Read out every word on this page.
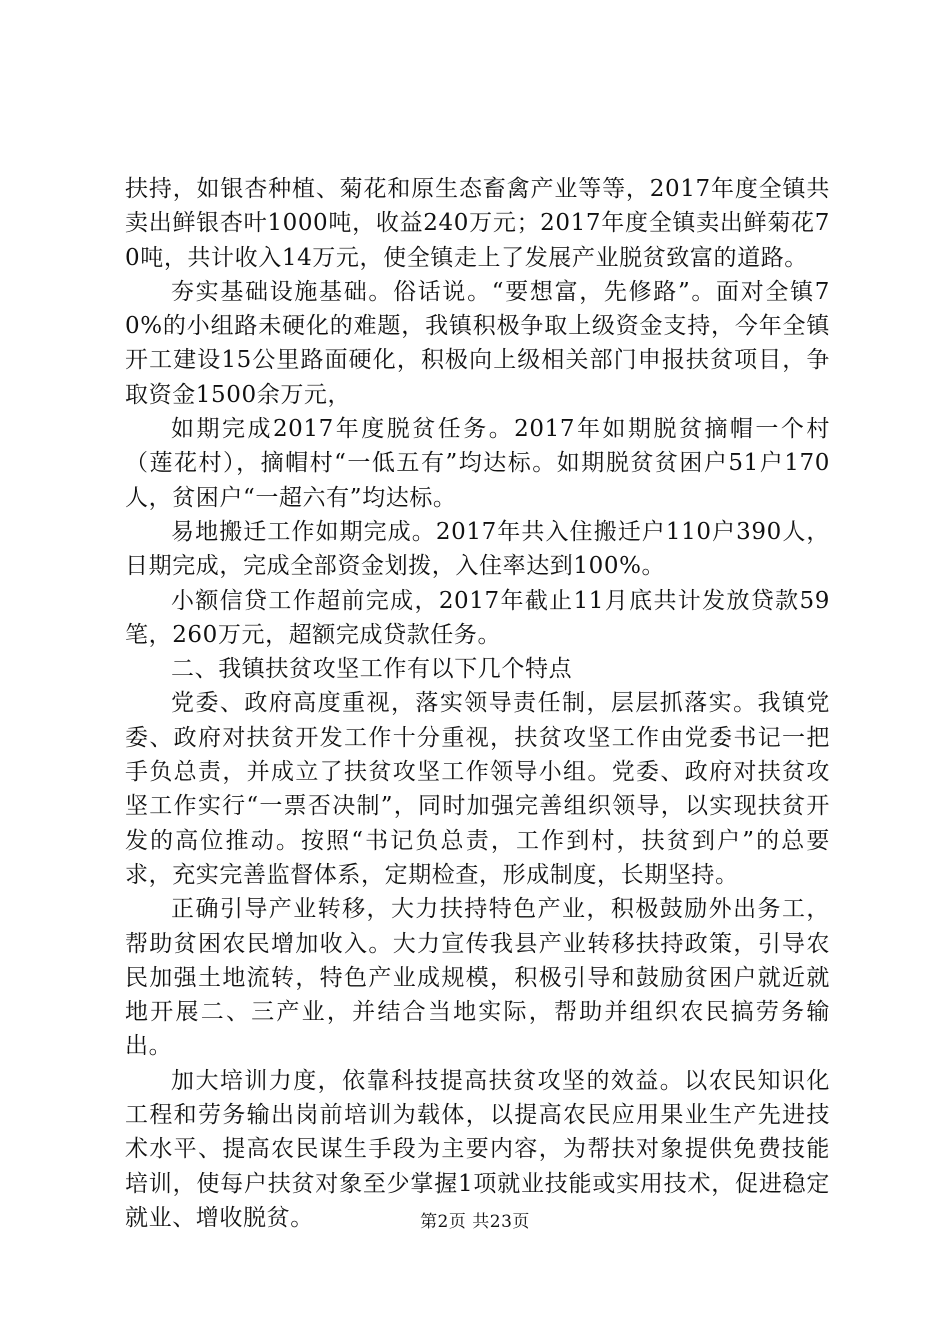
扶持，如银杏种植、菊花和原生态畜禽产业等等，2017年度全镇共卖出鲜银杏叶1000吨，收益240万元；2017年度全镇卖出鲜菊花70吨，共计收入14万元，使全镇走上了发展产业脱贫致富的道路。

夯实基础设施基础。俗话说。“要想富，先修路”。面对全镇70%的小组路未硬化的难题，我镇积极争取上级资金支持，今年全镇开工建设15公里路面硬化，积极向上级相关部门申报扶贫项目，争取资金1500余万元，

如期完成2017年度脱贫任务。2017年如期脱贫摘帽一个村（莲花村），摘帽村“一低五有”均达标。如期脱贫贫困户51户170人，贫困户“一超六有”均达标。

易地搬迁工作如期完成。2017年共入住搬迁户110户390人，日期完成，完成全部资金划拨，入住率达到100%。

小额信贷工作超前完成，2017年截止11月底共计发放贷款59笔，260万元，超额完成贷款任务。

二、我镇扶贫攻坚工作有以下几个特点

党委、政府高度重视，落实领导责任制，层层抓落实。我镇党委、政府对扶贫开发工作十分重视，扶贫攻坚工作由党委书记一把手负总责，并成立了扶贫攻坚工作领导小组。党委、政府对扶贫攻坚工作实行“一票否决制”，同时加强完善组织领导，以实现扶贫开发的高位推动。按照“书记负总责，工作到村，扶贫到户”的总要求，充实完善监督体系，定期检查，形成制度，长期坚持。

正确引导产业转移，大力扶持特色产业，积极鼓励外出务工，帮助贫困农民增加收入。大力宣传我县产业转移扶持政策，引导农民加强土地流转，特色产业成规模，积极引导和鼓励贫困户就近就地开展二、三产业，并结合当地实际，帮助并组织农民搞劳务输出。

加大培训力度，依靠科技提高扶贫攻坚的效益。以农民知识化工程和劳务输出岗前培训为载体，以提高农民应用果业生产先进技术水平、提高农民谋生手段为主要内容，为帮扶对象提供免费技能培训，使每户扶贫对象至少掌握1项就业技能或实用技术，促进稳定就业、增收脱贫。	第2页 共23页
